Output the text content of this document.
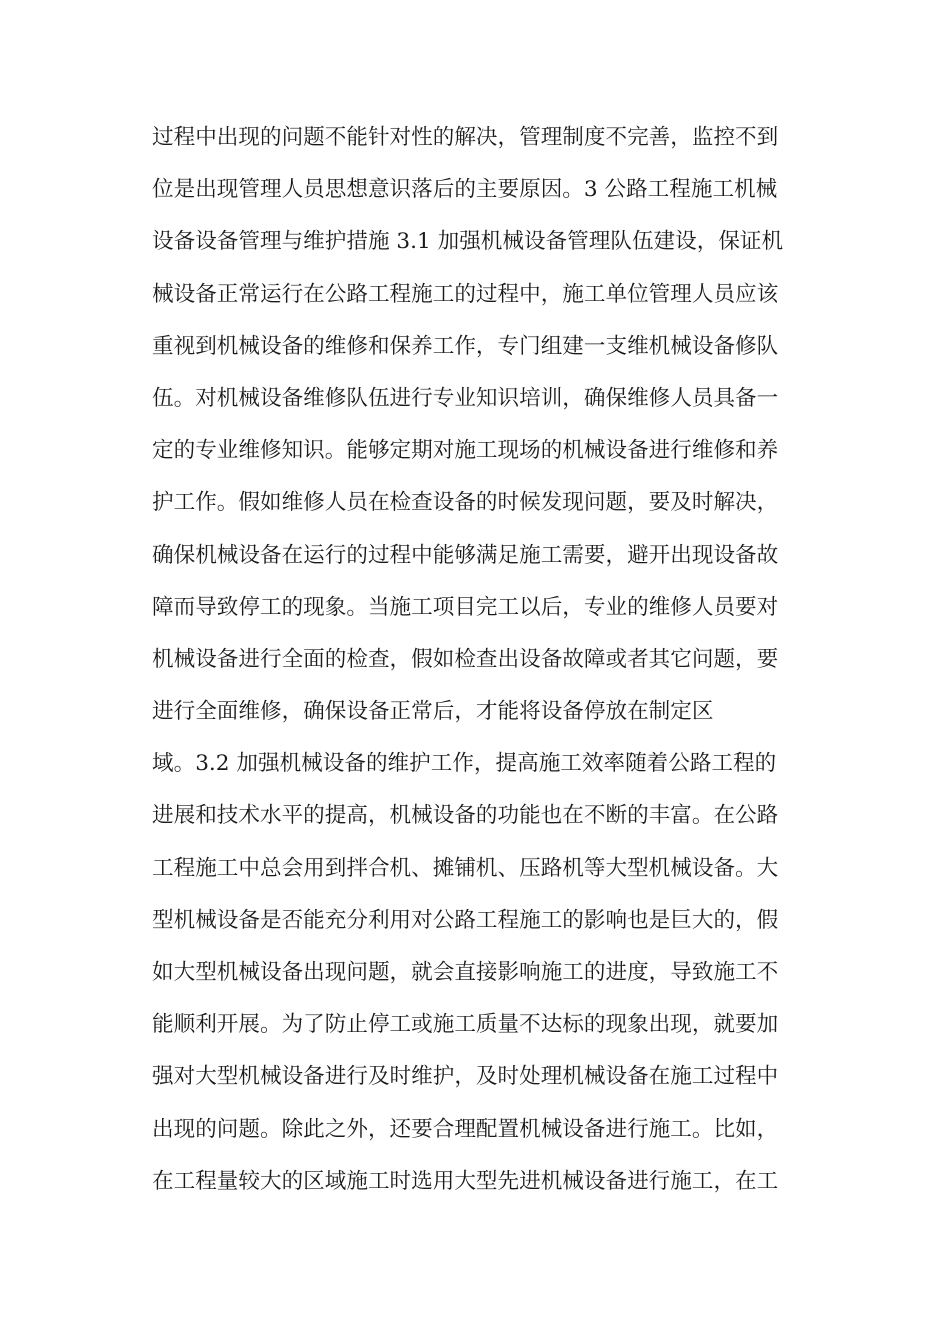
过程中出现的问题不能针对性的解决，管理制度不完善，监控不到
位是出现管理人员思想意识落后的主要原因。3 公路工程施工机械
设备设备管理与维护措施 3.1 加强机械设备管理队伍建设，保证机
械设备正常运行在公路工程施工的过程中，施工单位管理人员应该
重视到机械设备的维修和保养工作，专门组建一支维机械设备修队
伍。对机械设备维修队伍进行专业知识培训，确保维修人员具备一
定的专业维修知识。能够定期对施工现场的机械设备进行维修和养
护工作。假如维修人员在检查设备的时候发现问题，要及时解决，
确保机械设备在运行的过程中能够满足施工需要，避开出现设备故
障而导致停工的现象。当施工项目完工以后，专业的维修人员要对
机械设备进行全面的检查，假如检查出设备故障或者其它问题，要
进行全面维修，确保设备正常后，才能将设备停放在制定区
域。3.2 加强机械设备的维护工作，提高施工效率随着公路工程的
进展和技术水平的提高，机械设备的功能也在不断的丰富。在公路
工程施工中总会用到拌合机、摊铺机、压路机等大型机械设备。大
型机械设备是否能充分利用对公路工程施工的影响也是巨大的，假
如大型机械设备出现问题，就会直接影响施工的进度，导致施工不
能顺利开展。为了防止停工或施工质量不达标的现象出现，就要加
强对大型机械设备进行及时维护，及时处理机械设备在施工过程中
出现的问题。除此之外，还要合理配置机械设备进行施工。比如，
在工程量较大的区域施工时选用大型先进机械设备进行施工，在工
